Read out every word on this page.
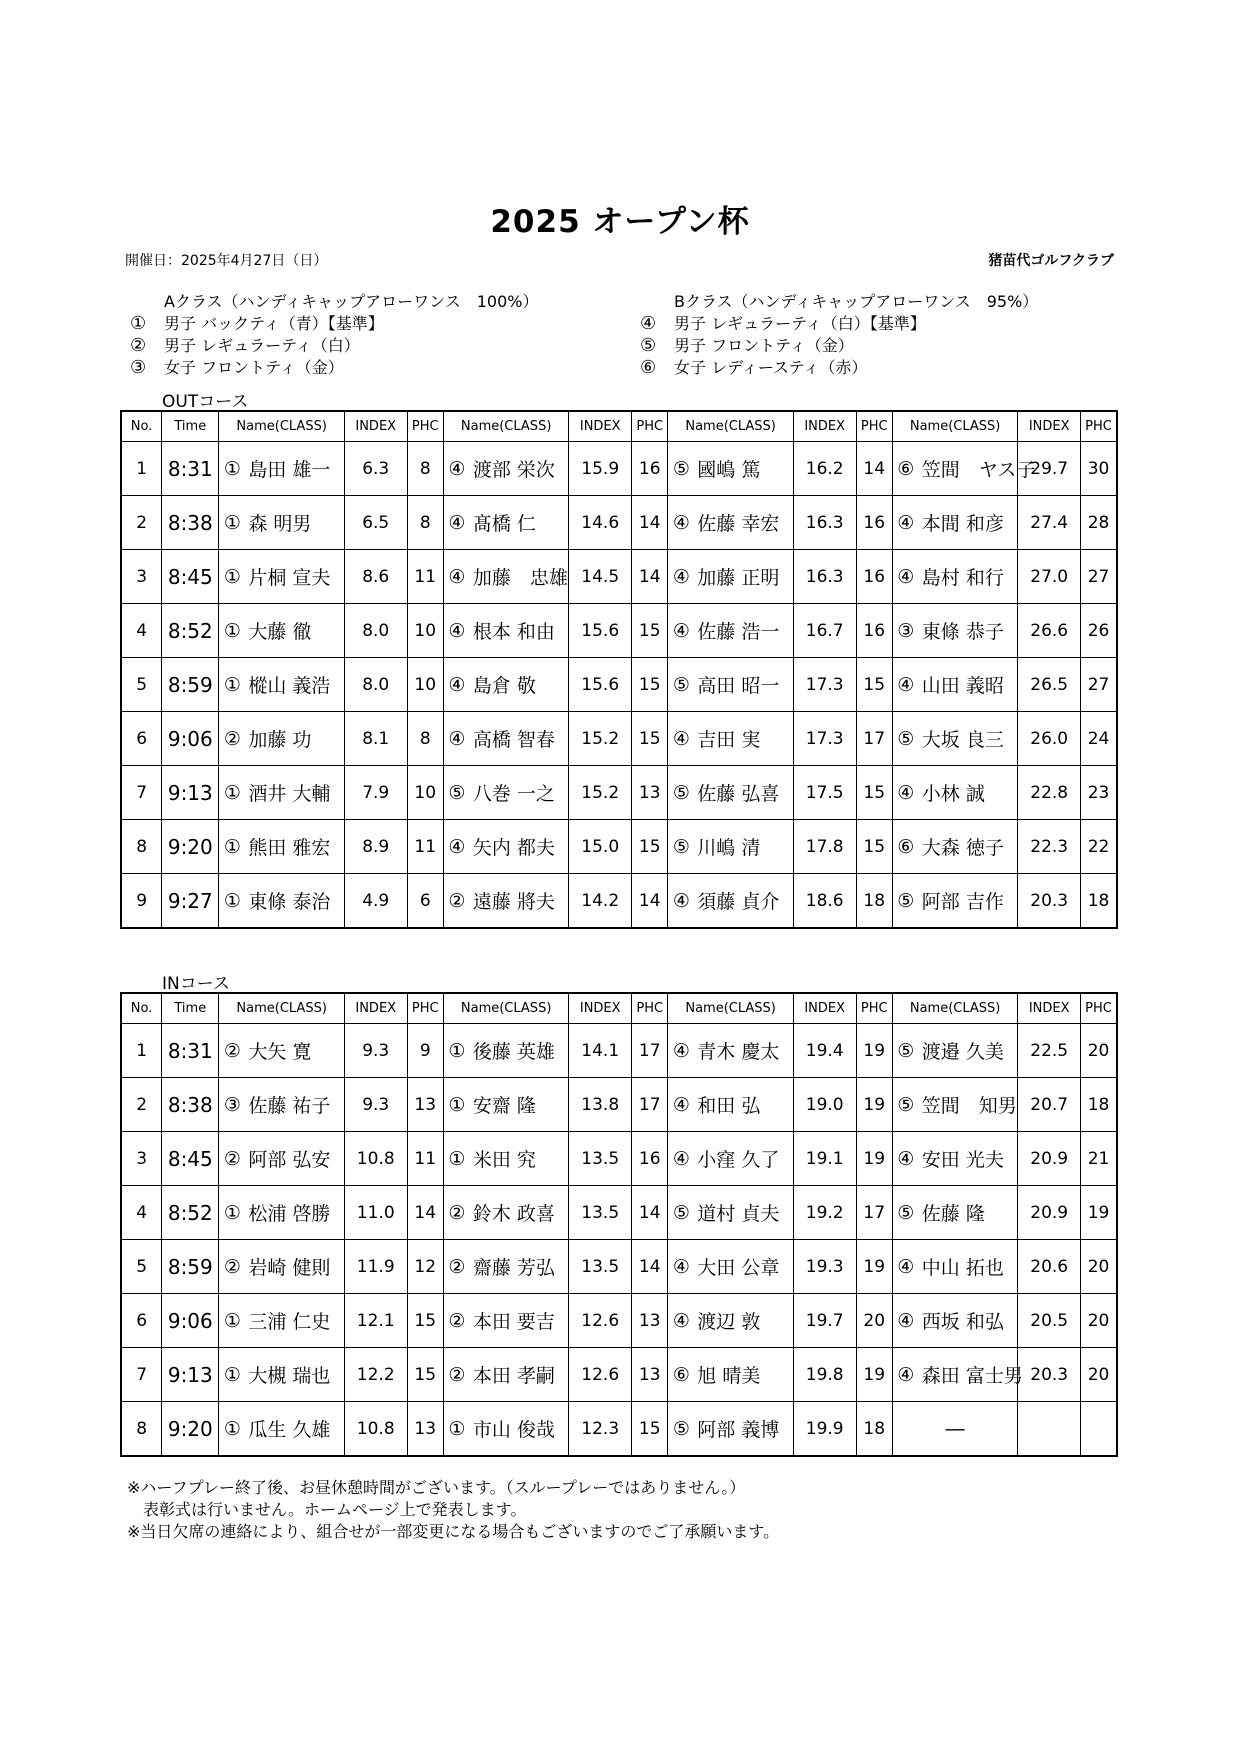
2025 オープン杯
開催日：2025年4月27日（日）	猪苗代ゴルフクラブ
Aクラス（ハンディキャップアローワンス　100%）
①	男子 バックティ（青）【基準】
②	男子 レギュラーティ（白）
③	女子 フロントティ（金）
Bクラス（ハンディキャップアローワンス　95%）
④	男子 レギュラーティ（白）【基準】
⑤	男子 フロントティ（金）
⑥	女子 レディースティ（赤）
OUTコース
No.	Time	Name(CLASS)		INDEX	PHC	Name(CLASS)		INDEX	PHC	Name(CLASS)		INDEX	PHC	Name(CLASS)		INDEX	PHC
1	8:31	①	島田 雄一	6.3	8	④	渡部 栄次	15.9	16	⑤	國嶋 篤	16.2	14	⑥	笠間　ヤス子	29.7	30
2	8:38	①	森 明男	6.5	8	④	髙橋 仁	14.6	14	④	佐藤 幸宏	16.3	16	④	本間 和彦	27.4	28
3	8:45	①	片桐 宣夫	8.6	11	④	加藤　忠雄	14.5	14	④	加藤 正明	16.3	16	④	島村 和行	27.0	27
4	8:52	①	大藤 徹	8.0	10	④	根本 和由	15.6	15	④	佐藤 浩一	16.7	16	③	東條 恭子	26.6	26
5	8:59	①	樅山 義浩	8.0	10	④	島倉 敬	15.6	15	⑤	高田 昭一	17.3	15	④	山田 義昭	26.5	27
6	9:06	②	加藤 功	8.1	8	④	高橋 智春	15.2	15	④	吉田 実	17.3	17	⑤	大坂 良三	26.0	24
7	9:13	①	酒井 大輔	7.9	10	⑤	八巻 一之	15.2	13	⑤	佐藤 弘喜	17.5	15	④	小林 誠	22.8	23
8	9:20	①	熊田 雅宏	8.9	11	④	矢内 都夫	15.0	15	⑤	川嶋 清	17.8	15	⑥	大森 徳子	22.3	22
9	9:27	①	東條 泰治	4.9	6	②	遠藤 將夫	14.2	14	④	須藤 貞介	18.6	18	⑤	阿部 吉作	20.3	18
INコース
No.	Time	Name(CLASS)		INDEX	PHC	Name(CLASS)		INDEX	PHC	Name(CLASS)		INDEX	PHC	Name(CLASS)		INDEX	PHC
1	8:31	②	大矢 寛	9.3	9	①	後藤 英雄	14.1	17	④	青木 慶太	19.4	19	⑤	渡邉 久美	22.5	20
2	8:38	③	佐藤 祐子	9.3	13	①	安齋 隆	13.8	17	④	和田 弘	19.0	19	⑤	笠間　知男	20.7	18
3	8:45	②	阿部 弘安	10.8	11	①	米田 究	13.5	16	④	小窪 久了	19.1	19	④	安田 光夫	20.9	21
4	8:52	①	松浦 啓勝	11.0	14	②	鈴木 政喜	13.5	14	⑤	道村 貞夫	19.2	17	⑤	佐藤 隆	20.9	19
5	8:59	②	岩崎 健則	11.9	12	②	齋藤 芳弘	13.5	14	④	大田 公章	19.3	19	④	中山 拓也	20.6	20
6	9:06	①	三浦 仁史	12.1	15	②	本田 要吉	12.6	13	④	渡辺 敦	19.7	20	④	西坂 和弘	20.5	20
7	9:13	①	大槻 瑞也	12.2	15	②	本田 孝嗣	12.6	13	⑥	旭 晴美	19.8	19	④	森田 富士男	20.3	20
8	9:20	①	瓜生 久雄	10.8	13	①	市山 俊哉	12.3	15	⑤	阿部 義博	19.9	18	―			
※ハーフプレー終了後、お昼休憩時間がございます。（スループレーではありません。）
　表彰式は行いません。ホームページ上で発表します。
※当日欠席の連絡により、組合せが一部変更になる場合もございますのでご了承願います。
